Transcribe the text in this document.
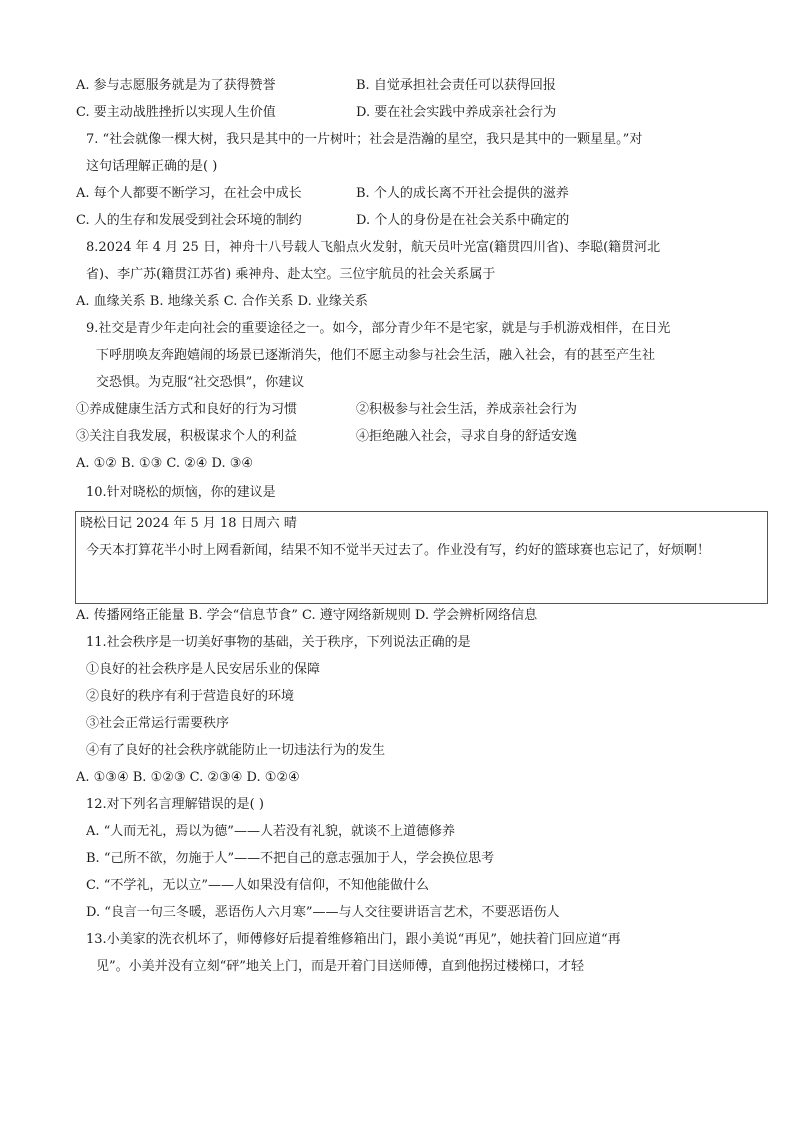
A. 参与志愿服务就是为了获得赞誉	B. 自觉承担社会责任可以获得回报
C. 要主动战胜挫折以实现人生价值	D. 要在社会实践中养成亲社会行为
7. “社会就像一棵大树，我只是其中的一片树叶；社会是浩瀚的星空，我只是其中的一颗星星。”对
这句话理解正确的是( )
A. 每个人都要不断学习，在社会中成长	B. 个人的成长离不开社会提供的滋养
C. 人的生存和发展受到社会环境的制约	D. 个人的身份是在社会关系中确定的
8.2024 年 4 月 25 日，神舟十八号载人飞船点火发射，航天员叶光富(籍贯四川省)、李聪(籍贯河北
省)、李广苏(籍贯江苏省) 乘神舟、赴太空。三位宇航员的社会关系属于
A. 血缘关系 B. 地缘关系 C. 合作关系 D. 业缘关系
9.社交是青少年走向社会的重要途径之一。如今，部分青少年不是宅家，就是与手机游戏相伴，在日光
下呼朋唤友奔跑嬉闹的场景已逐渐消失，他们不愿主动参与社会生活，融入社会，有的甚至产生社
交恐惧。为克服“社交恐惧”，你建议
①养成健康生活方式和良好的行为习惯	②积极参与社会生活，养成亲社会行为
③关注自我发展，积极谋求个人的利益	④拒绝融入社会，寻求自身的舒适安逸
A. ①② B. ①③ C. ②④ D. ③④
10.针对晓松的烦恼，你的建议是
晓松日记 2024 年 5 月 18 日周六 晴
今天本打算花半小时上网看新闻，结果不知不觉半天过去了。作业没有写，约好的篮球赛也忘记了，好烦啊！
A. 传播网络正能量 B. 学会“信息节食” C. 遵守网络新规则 D. 学会辨析网络信息
11.社会秩序是一切美好事物的基础，关于秩序，下列说法正确的是
①良好的社会秩序是人民安居乐业的保障
②良好的秩序有利于营造良好的环境
③社会正常运行需要秩序
④有了良好的社会秩序就能防止一切违法行为的发生
A. ①③④ B. ①②③ C. ②③④ D. ①②④
12.对下列名言理解错误的是( )
A. “人而无礼，焉以为德”——人若没有礼貌，就谈不上道德修养
B. “己所不欲，勿施于人”——不把自己的意志强加于人，学会换位思考
C. “不学礼，无以立”——人如果没有信仰，不知他能做什么
D. “良言一句三冬暖，恶语伤人六月寒”——与人交往要讲语言艺术，不要恶语伤人
13.小美家的洗衣机坏了，师傅修好后提着维修箱出门，跟小美说“再见”，她扶着门回应道“再
见”。小美并没有立刻“砰”地关上门，而是开着门目送师傅，直到他拐过楼梯口，才轻
